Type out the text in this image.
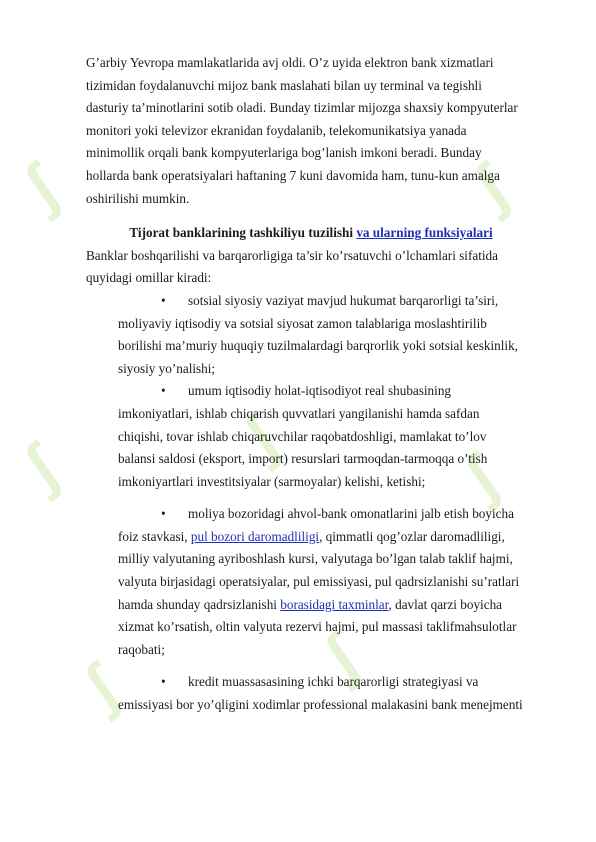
ʃ
ʃ
ʃ
ʃ
ʃ
ʃ
ʃ

G’arbiy Yevropa mamlakatlarida avj oldi. O’z uyida elektron bank xizmatlari

tizimidan foydalanuvchi mijoz bank maslahati bilan uy terminal va tegishli

dasturiy ta’minotlarini sotib oladi. Bunday tizimlar mijozga shaxsiy kompyuterlar

monitori yoki televizor ekranidan foydalanib, telekomunikatsiya yanada

minimollik orqali bank kompyuterlariga bog’lanish imkoni beradi. Bunday

hollarda bank operatsiyalari haftaning 7 kuni davomida ham, tunu-kun amalga

oshirilishi mumkin.

Tijorat banklarining tashkiliyu tuzilishi va ularning funksiyalari

Banklar boshqarilishi va barqarorligiga ta’sir ko’rsatuvchi o’lchamlari sifatida

quyidagi omillar kiradi:

• sotsial siyosiy vaziyat mavjud hukumat barqarorligi ta’siri,

moliyaviy iqtisodiy va sotsial siyosat zamon talablariga moslashtirilib

borilishi ma’muriy huquqiy tuzilmalardagi barqrorlik yoki sotsial keskinlik,

siyosiy yo’nalishi;

• umum iqtisodiy holat-iqtisodiyot real shubasining

imkoniyatlari, ishlab chiqarish quvvatlari yangilanishi hamda safdan

chiqishi, tovar ishlab chiqaruvchilar raqobatdoshligi, mamlakat to’lov

balansi saldosi (eksport, import) resurslari tarmoqdan-tarmoqqa o’tish

imkoniyartlari investitsiyalar (sarmoyalar) kelishi, ketishi;

• moliya bozoridagi ahvol-bank omonatlarini jalb etish boyicha

foiz stavkasi, pul bozori daromadliligi, qimmatli qog’ozlar daromadliligi,

milliy valyutaning ayriboshlash kursi, valyutaga bo’lgan talab taklif hajmi,

valyuta birjasidagi operatsiyalar, pul emissiyasi, pul qadrsizlanishi su’ratlari

hamda shunday qadrsizlanishi borasidagi taxminlar, davlat qarzi boyicha

xizmat ko’rsatish, oltin valyuta rezervi hajmi, pul massasi taklifmahsulotlar

raqobati;

• kredit muassasasining ichki barqarorligi strategiyasi va

emissiyasi bor yo’qligini xodimlar professional malakasini bank menejmenti
